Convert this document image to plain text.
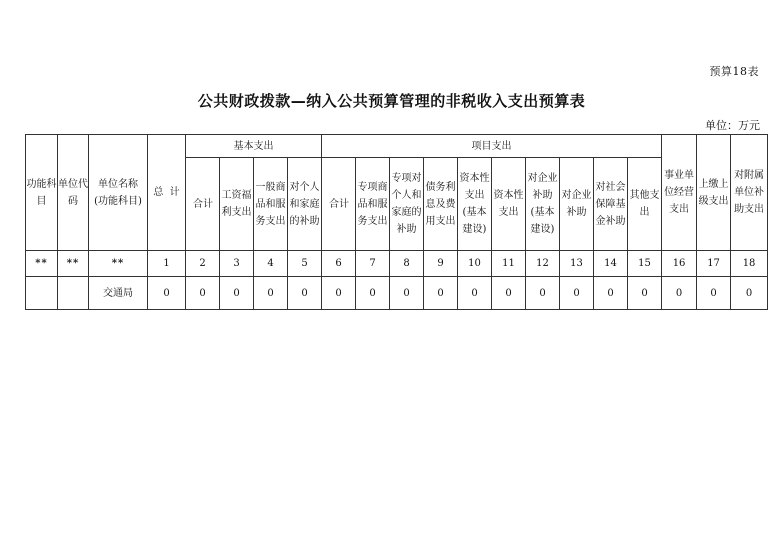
预算18表
公共财政拨款—纳入公共预算管理的非税收入支出预算表
单位：万元
功能科目	单位代码	单位名称(功能科目)	总  计	基本支出				项目支出										事业单位经营支出	上缴上级支出	对附属单位补助支出
				合计	工资福利支出	一般商品和服务支出	对个人和家庭的补助	合计	专项商品和服务支出	专项对个人和家庭的补助	债务利息及费用支出	资本性支出(基本建设)	资本性支出	对企业补助(基本建设)	对企业补助	对社会保障基金补助	其他支出			
**	**	**	1	2	3	4	5	6	7	8	9	10	11	12	13	14	15	16	17	18
		交通局	0	0	0	0	0	0	0	0	0	0	0	0	0	0	0	0	0	0
